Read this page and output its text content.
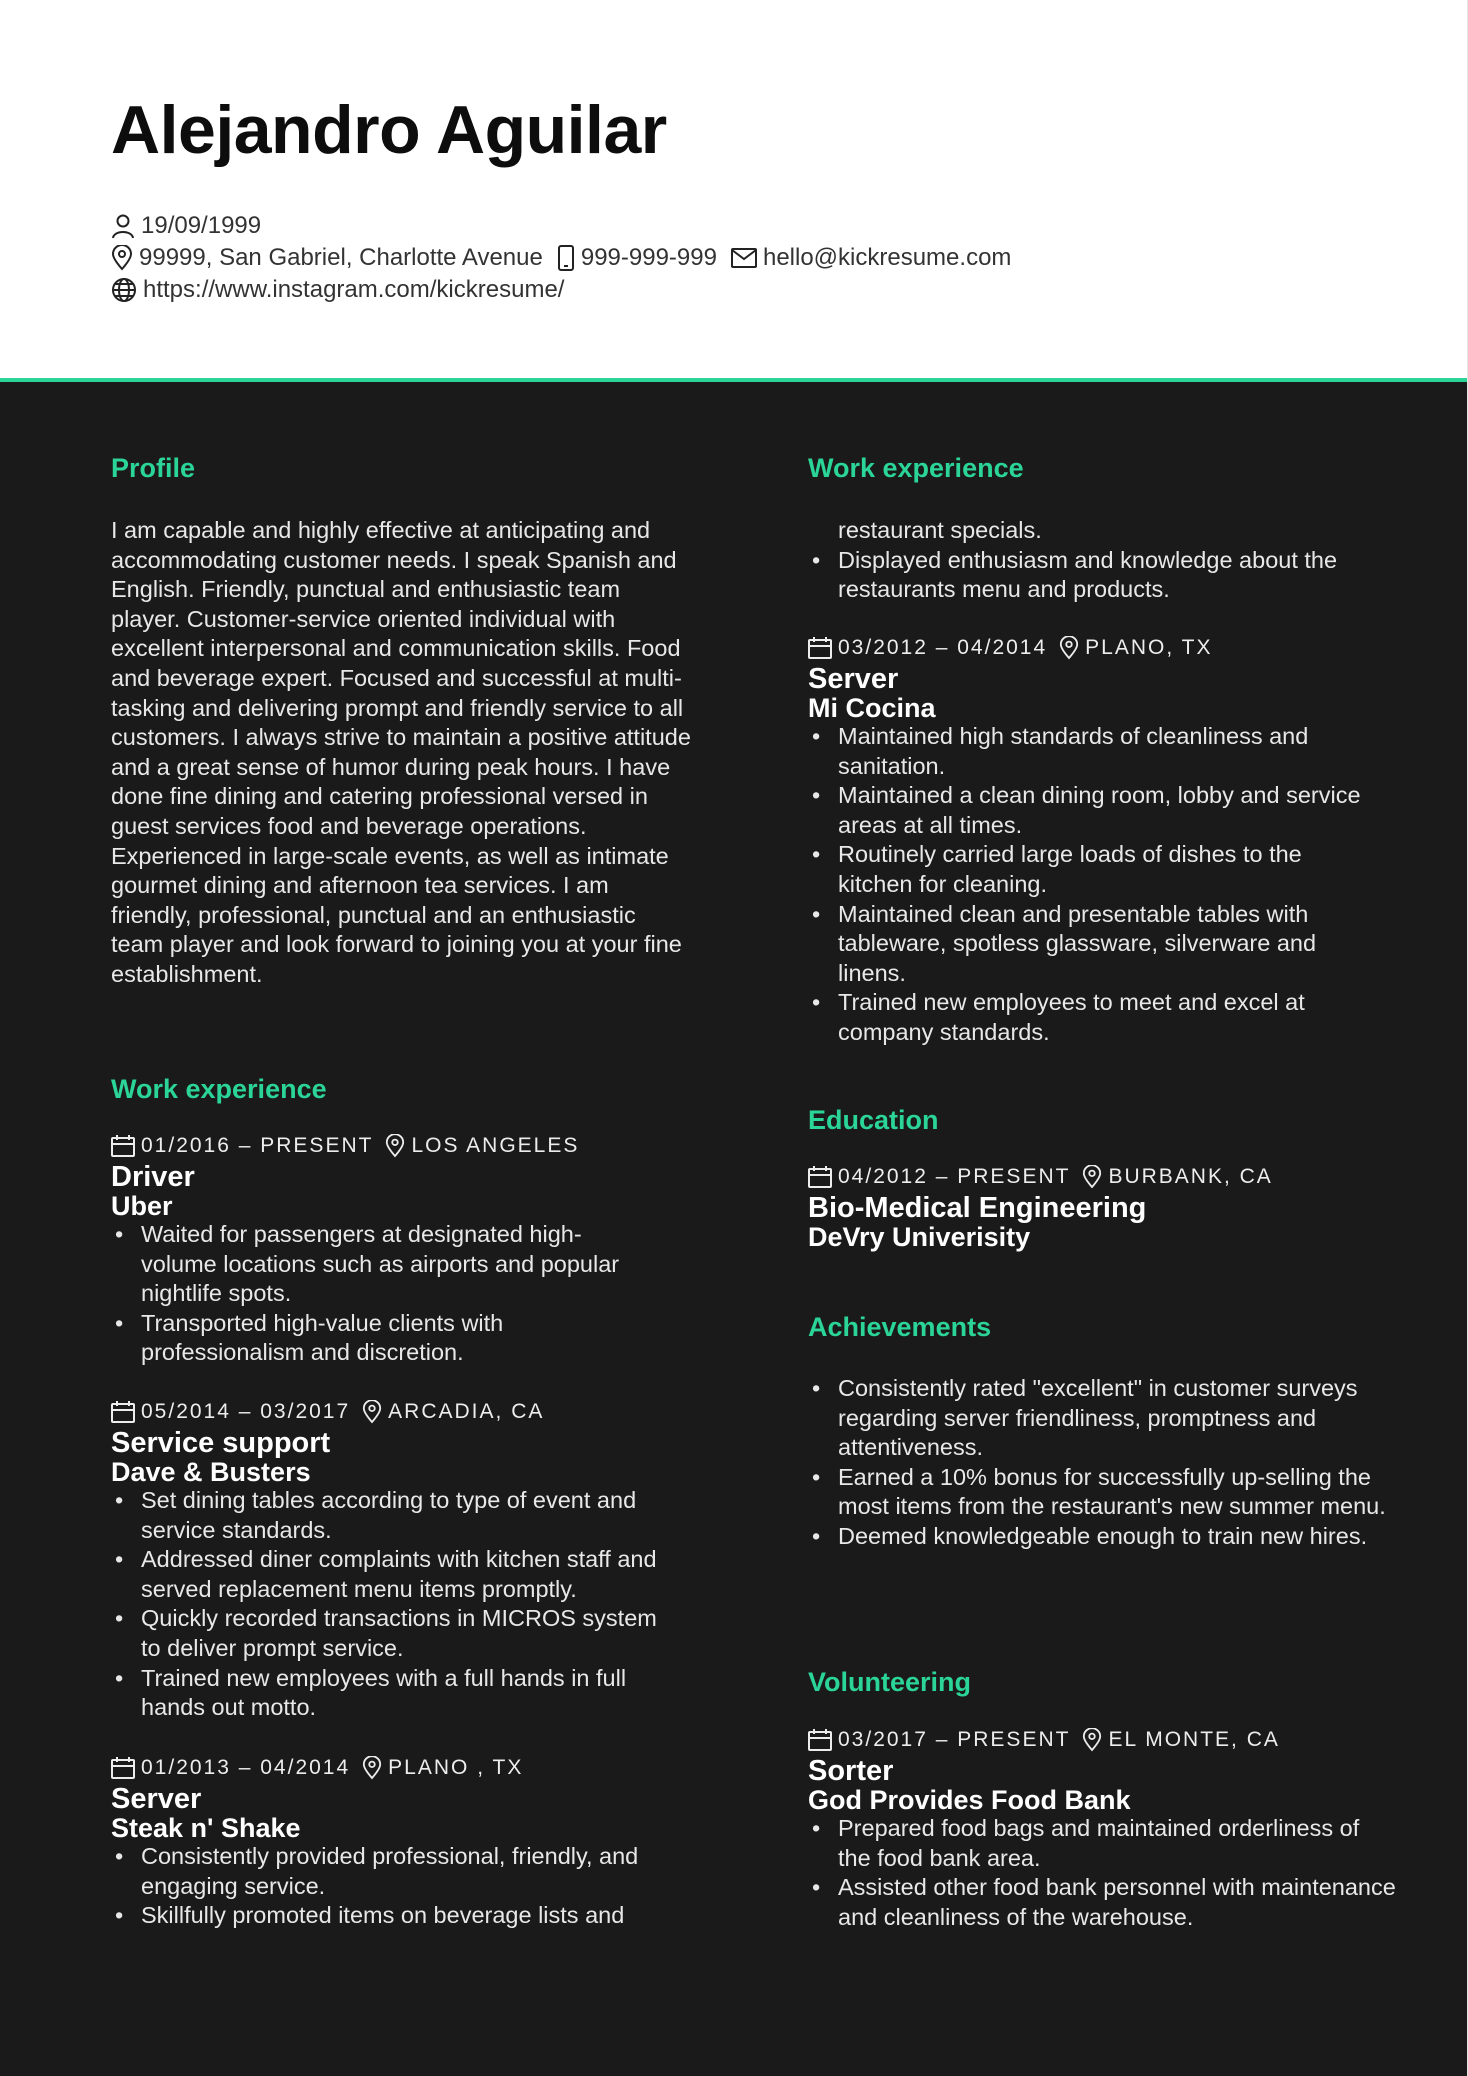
Alejandro Aguilar
19/09/1999
99999, San Gabriel, Charlotte Avenue 999-999-999 hello@kickresume.com
https://www.instagram.com/kickresume/
Profile

I am capable and highly effective at anticipating and accommodating customer needs. I speak Spanish and English. Friendly, punctual and enthusiastic team player. Customer-service oriented individual with excellent interpersonal and communication skills. Food and beverage expert. Focused and successful at multi-tasking and delivering prompt and friendly service to all customers. I always strive to maintain a positive attitude and a great sense of humor during peak hours. I have done fine dining and catering professional versed in guest services food and beverage operations. Experienced in large-scale events, as well as intimate gourmet dining and afternoon tea services. I am friendly, professional, punctual and an enthusiastic team player and look forward to joining you at your fine establishment.

Work experience
01/2016 – PRESENT LOS ANGELES
Driver
Uber
• Waited for passengers at designated high-volume locations such as airports and popular nightlife spots.
• Transported high-value clients with professionalism and discretion.
05/2014 – 03/2017 ARCADIA, CA
Service support
Dave & Busters
• Set dining tables according to type of event and service standards.
• Addressed diner complaints with kitchen staff and served replacement menu items promptly.
• Quickly recorded transactions in MICROS system to deliver prompt service.
• Trained new employees with a full hands in full hands out motto.
01/2013 – 04/2014 PLANO , TX
Server
Steak n' Shake
• Consistently provided professional, friendly, and engaging service.
• Skillfully promoted items on beverage lists and
Work experience
restaurant specials.
• Displayed enthusiasm and knowledge about the restaurants menu and products.
03/2012 – 04/2014 PLANO, TX
Server
Mi Cocina
• Maintained high standards of cleanliness and sanitation.
• Maintained a clean dining room, lobby and service areas at all times.
• Routinely carried large loads of dishes to the kitchen for cleaning.
• Maintained clean and presentable tables with tableware, spotless glassware, silverware and linens.
• Trained new employees to meet and excel at company standards.
Education
04/2012 – PRESENT BURBANK, CA
Bio-Medical Engineering
DeVry Univerisity
Achievements
• Consistently rated "excellent" in customer surveys regarding server friendliness, promptness and attentiveness.
• Earned a 10% bonus for successfully up-selling the most items from the restaurant's new summer menu.
• Deemed knowledgeable enough to train new hires.
Volunteering
03/2017 – PRESENT EL MONTE, CA
Sorter
God Provides Food Bank
• Prepared food bags and maintained orderliness of the food bank area.
• Assisted other food bank personnel with maintenance and cleanliness of the warehouse.
